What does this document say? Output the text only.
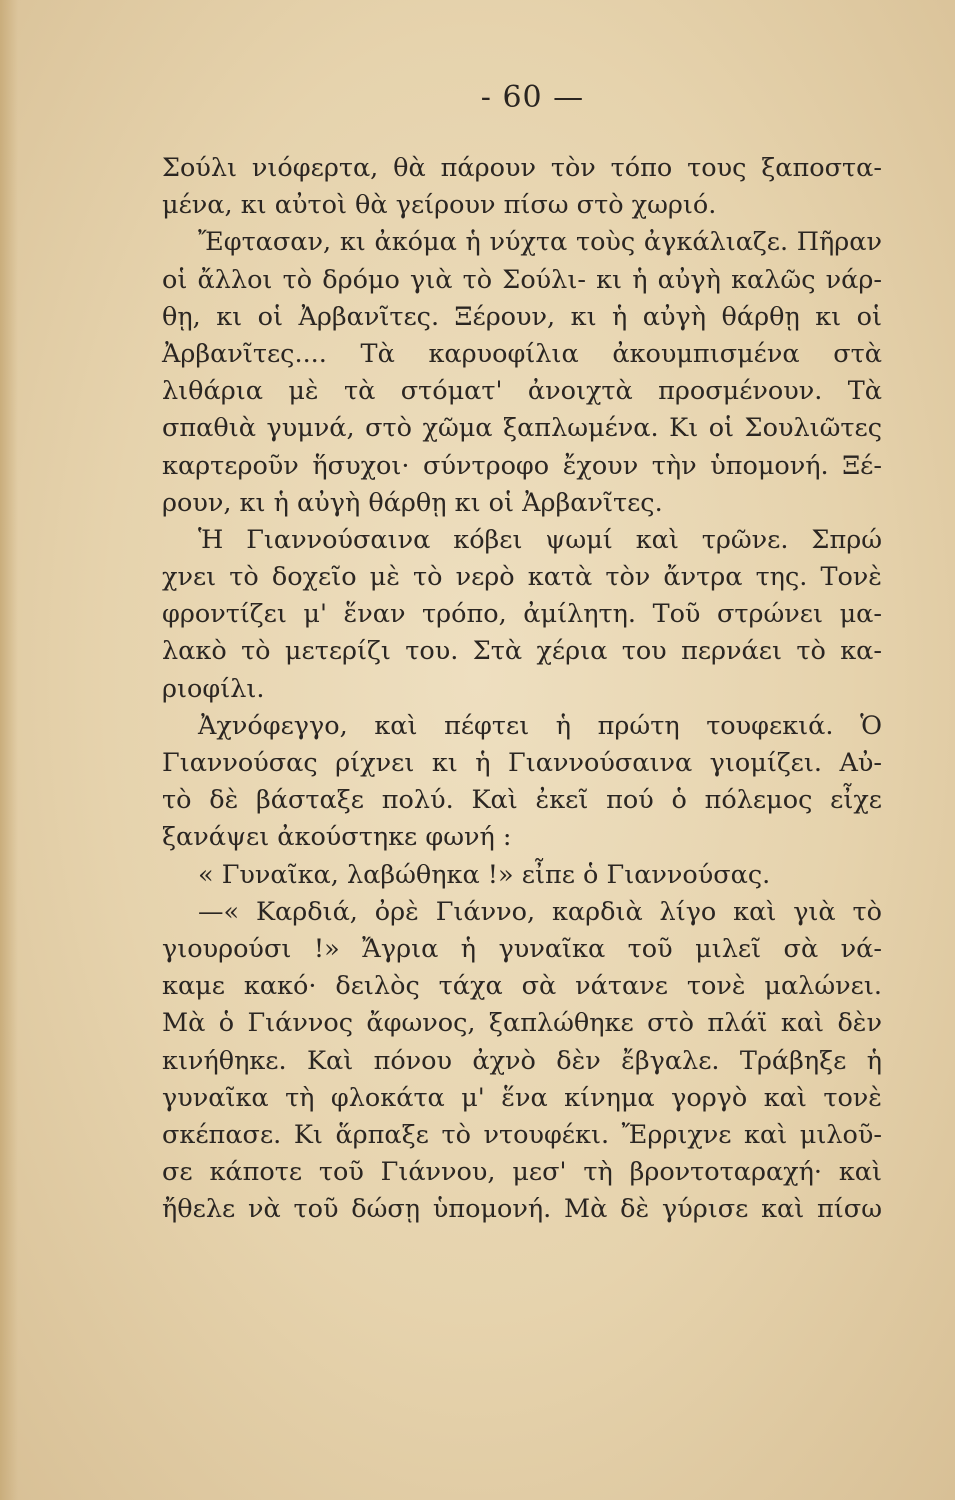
- 60 —
Σούλι νιόφερτα, θὰ πάρουν τὸν τόπο τους ξαποστα-
μένα, κι αὐτοὶ θὰ γείρουν πίσω στὸ χωριό.
Ἔφτασαν, κι ἀκόμα ἡ νύχτα τοὺς ἀγκάλιαζε. Πῆραν
οἱ ἄλλοι τὸ δρόμο γιὰ τὸ Σούλι- κι ἡ αὐγὴ καλῶς νάρ-
θῃ, κι οἱ Ἀρβανῖτες. Ξέρουν, κι ἡ αὐγὴ θάρθῃ κι οἱ
Ἀρβανῖτες.... Τὰ καρυοφίλια ἀκουμπισμένα στὰ
λιθάρια μὲ τὰ στόματ' ἀνοιχτὰ προσμένουν. Τὰ
σπαθιὰ γυμνά, στὸ χῶμα ξαπλωμένα. Κι οἱ Σουλιῶτες
καρτεροῦν ἥσυχοι· σύντροφο ἔχουν τὴν ὑπομονή. Ξέ-
ρουν, κι ἡ αὐγὴ θάρθῃ κι οἱ Ἀρβανῖτες.
Ἡ Γιαννούσαινα κόβει ψωμί καὶ τρῶνε. Σπρώ
χνει τὸ δοχεῖο μὲ τὸ νερὸ κατὰ τὸν ἄντρα της. Τονὲ
φροντίζει μ' ἕναν τρόπο, ἀμίλητη. Τοῦ στρώνει μα-
λακὸ τὸ μετερίζι του. Στὰ χέρια του περνάει τὸ κα-
ριοφίλι.
Ἀχνόφεγγο, καὶ πέφτει ἡ πρώτη τουφεκιά. Ὁ
Γιαννούσας ρίχνει κι ἡ Γιαννούσαινα γιομίζει. Αὐ-
τὸ δὲ βάσταξε πολύ. Καὶ ἐκεῖ πού ὁ πόλεμος εἶχε
ξανάψει ἀκούστηκε φωνή :
« Γυναῖκα, λαβώθηκα !» εἶπε ὁ Γιαννούσας.
—« Καρδιά, ὀρὲ Γιάννο, καρδιὰ λίγο καὶ γιὰ τὸ
γιουρούσι !» Ἄγρια ἡ γυναῖκα τοῦ μιλεῖ σὰ νά-
καμε κακό· δειλὸς τάχα σὰ νάτανε τονὲ μαλώνει.
Μὰ ὁ Γιάννος ἄφωνος, ξαπλώθηκε στὸ πλάϊ καὶ δὲν
κινήθηκε. Καὶ πόνου ἀχνὸ δὲν ἔβγαλε. Τράβηξε ἡ
γυναῖκα τὴ φλοκάτα μ' ἕνα κίνημα γοργὸ καὶ τονὲ
σκέπασε. Κι ἅρπαξε τὸ ντουφέκι. Ἔρριχνε καὶ μιλοῦ-
σε κάποτε τοῦ Γιάννου, μεσ' τὴ βροντοταραχή· καὶ
ἤθελε νὰ τοῦ δώσῃ ὑπομονή. Μὰ δὲ γύρισε καὶ πίσω
